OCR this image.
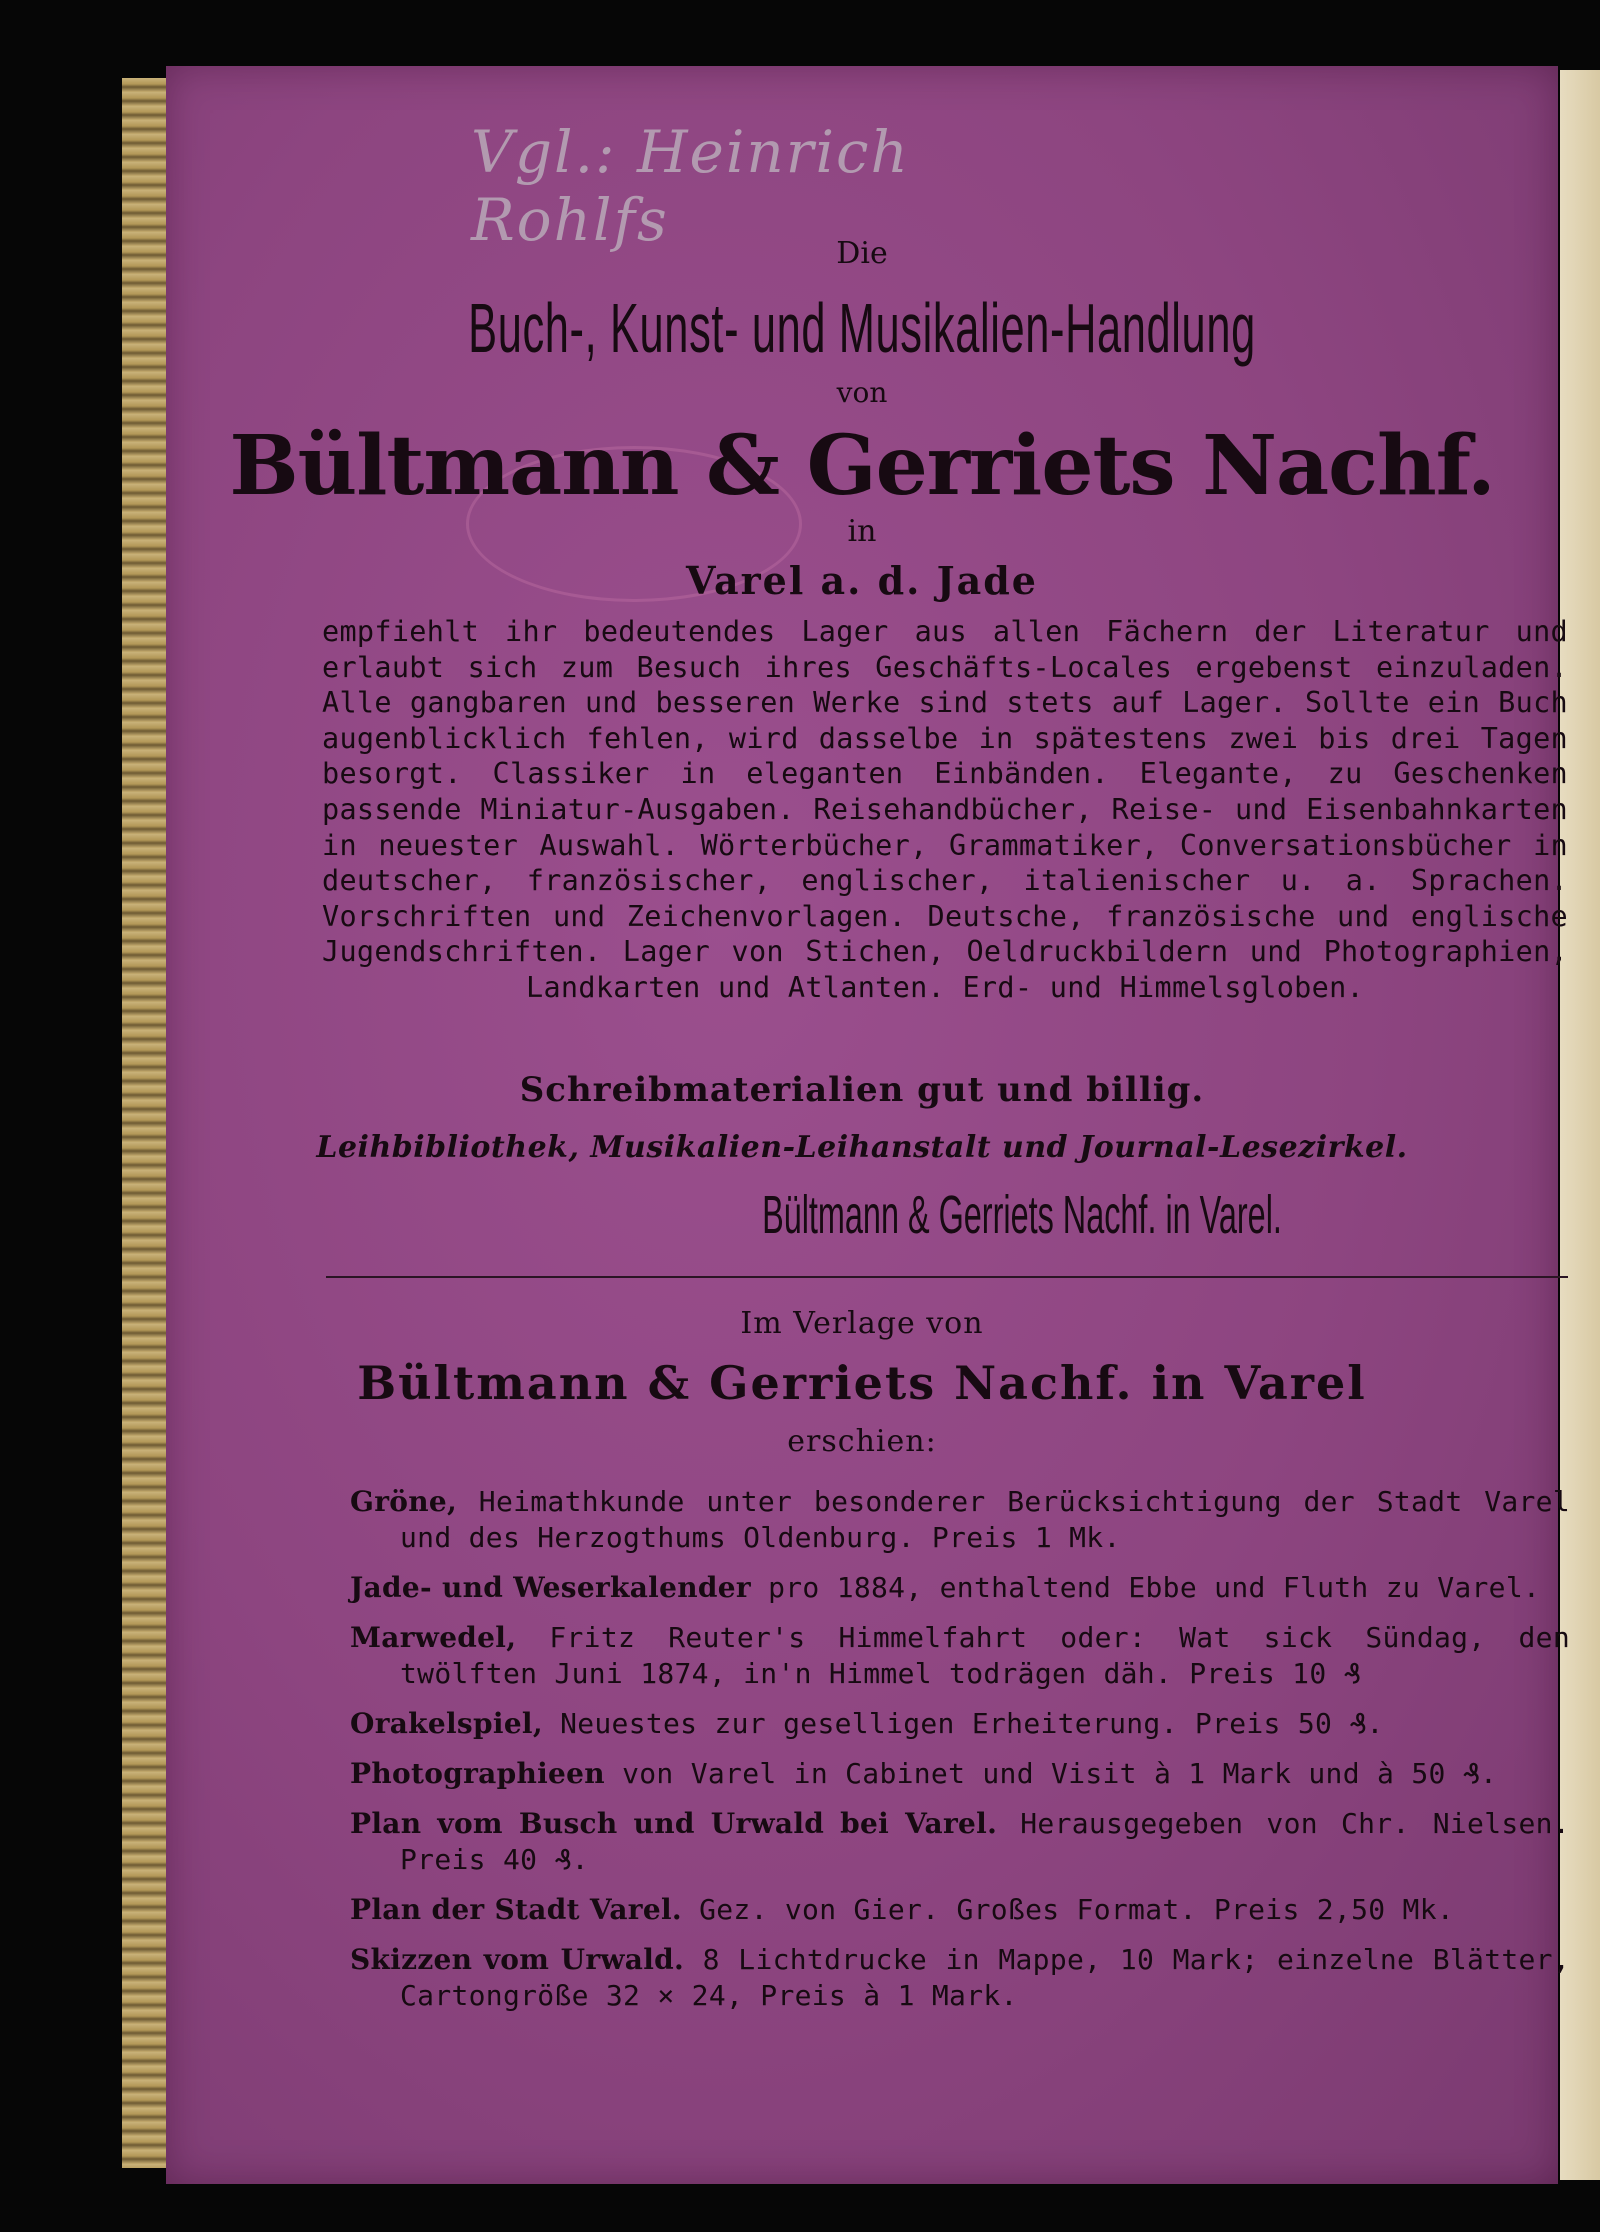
Vgl.: Heinrich Rohlfs	Die
Buch-, Kunst- und Musikalien-Handlung
von
Bültmann & Gerriets Nachf.
in
Varel a. d. Jade
empfiehlt ihr bedeutendes Lager aus allen Fächern der Literatur und erlaubt sich zum Besuch ihres Geschäfts-Locales ergebenst einzuladen. Alle gangbaren und besseren Werke sind stets auf Lager. Sollte ein Buch augenblicklich fehlen, wird dasselbe in spätestens zwei bis drei Tagen besorgt. Classiker in eleganten Einbänden. Elegante, zu Geschenken passende Miniatur-Ausgaben. Reisehandbücher, Reise- und Eisenbahnkarten in neuester Auswahl. Wörterbücher, Grammatiker, Conversationsbücher in deutscher, französischer, englischer, italienischer u. a. Sprachen. Vorschriften und Zeichenvorlagen. Deutsche, französische und englische Jugendschriften. Lager von Stichen, Oeldruckbildern und Photographien, Landkarten und Atlanten. Erd- und Himmelsgloben.
Schreibmaterialien gut und billig.
Leihbibliothek, Musikalien-Leihanstalt und Journal-Lesezirkel.
Bültmann & Gerriets Nachf. in Varel.
Im Verlage von
Bültmann & Gerriets Nachf. in Varel
erschien:
Gröne, Heimathkunde unter besonderer Berücksichtigung der Stadt Varel und des Herzogthums Oldenburg. Preis 1 Mk.
Jade- und Weserkalender pro 1884, enthaltend Ebbe und Fluth zu Varel.
Marwedel, Fritz Reuter's Himmelfahrt oder: Wat sick Sündag, den twölften Juni 1874, in'n Himmel todrägen däh. Preis 10 ₰
Orakelspiel, Neuestes zur geselligen Erheiterung. Preis 50 ₰.
Photographieen von Varel in Cabinet und Visit à 1 Mark und à 50 ₰.
Plan vom Busch und Urwald bei Varel. Herausgegeben von Chr. Nielsen. Preis 40 ₰.
Plan der Stadt Varel. Gez. von Gier. Großes Format. Preis 2,50 Mk.
Skizzen vom Urwald. 8 Lichtdrucke in Mappe, 10 Mark; einzelne Blätter, Cartongröße 32 × 24, Preis à 1 Mark.
